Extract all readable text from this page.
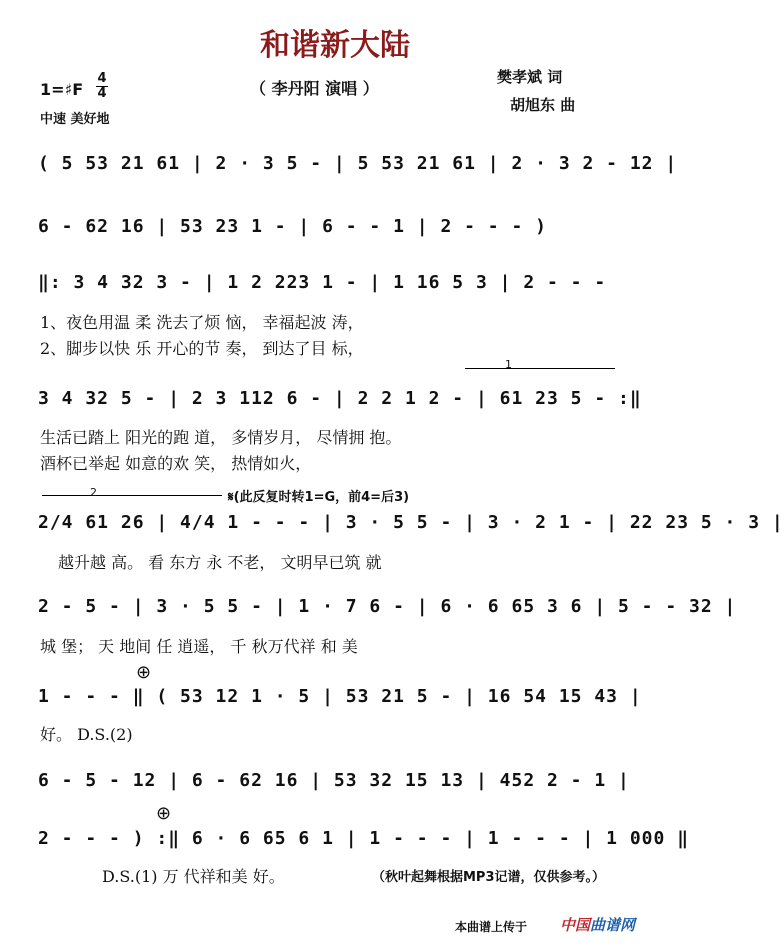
和谐新大陆
（ 李丹阳 演唱 ）
樊孝斌 词
胡旭东 曲
1=♯F
4
4
中速 美好地
( 5 53 21 61 | 2 · 3 5 - | 5 53 21 61 | 2 · 3 2 - 12 |
6 - 62 16 | 53 23 1 - | 6 - - 1 | 2 - - - )
‖: 3 4 32 3 - | 1 2 223 1 - | 1 16 5 3 | 2 - - -
1、夜色用温 柔 洗去了烦 恼， 幸福起波 涛，
2、脚步以快 乐 开心的节 奏， 到达了目 标，
1
3 4 32 5 - | 2 3 112 6 - | 2 2 1 2 - | 61 23 5 - :‖
生活已踏上 阳光的跑 道， 多情岁月， 尽情拥 抱。
酒杯已举起 如意的欢 笑， 热情如火，
2	𝄋(此反复时转1=G，前4=后3)
2/4 61 26 | 4/4 1 - - - | 3 · 5 5 - | 3 · 2 1 - | 22 23 5 · 3 |
越升越 高。 看 东方 永 不老， 文明早已筑 就
2 - 5 - | 3 · 5 5 - | 1 · 7 6 - | 6 · 6 65 3 6 | 5 - - 32 |
城 堡； 天 地间 任 逍遥， 千 秋万代祥 和 美
⊕
1 - - - ‖ ( 53 12 1 · 5 | 53 21 5 - | 16 54 15 43 |
好。 D.S.(2)
6 - 5 - 12 | 6 - 62 16 | 53 32 15 13 | 452 2 - 1 |
⊕
2 - - - ) :‖ 6 · 6 65 6 1 | 1 - - - | 1 - - - | 1 000 ‖
D.S.(1) 万 代祥和美 好。	（秋叶起舞根据MP3记谱，仅供参考。）
本曲谱上传于 中国曲谱网
